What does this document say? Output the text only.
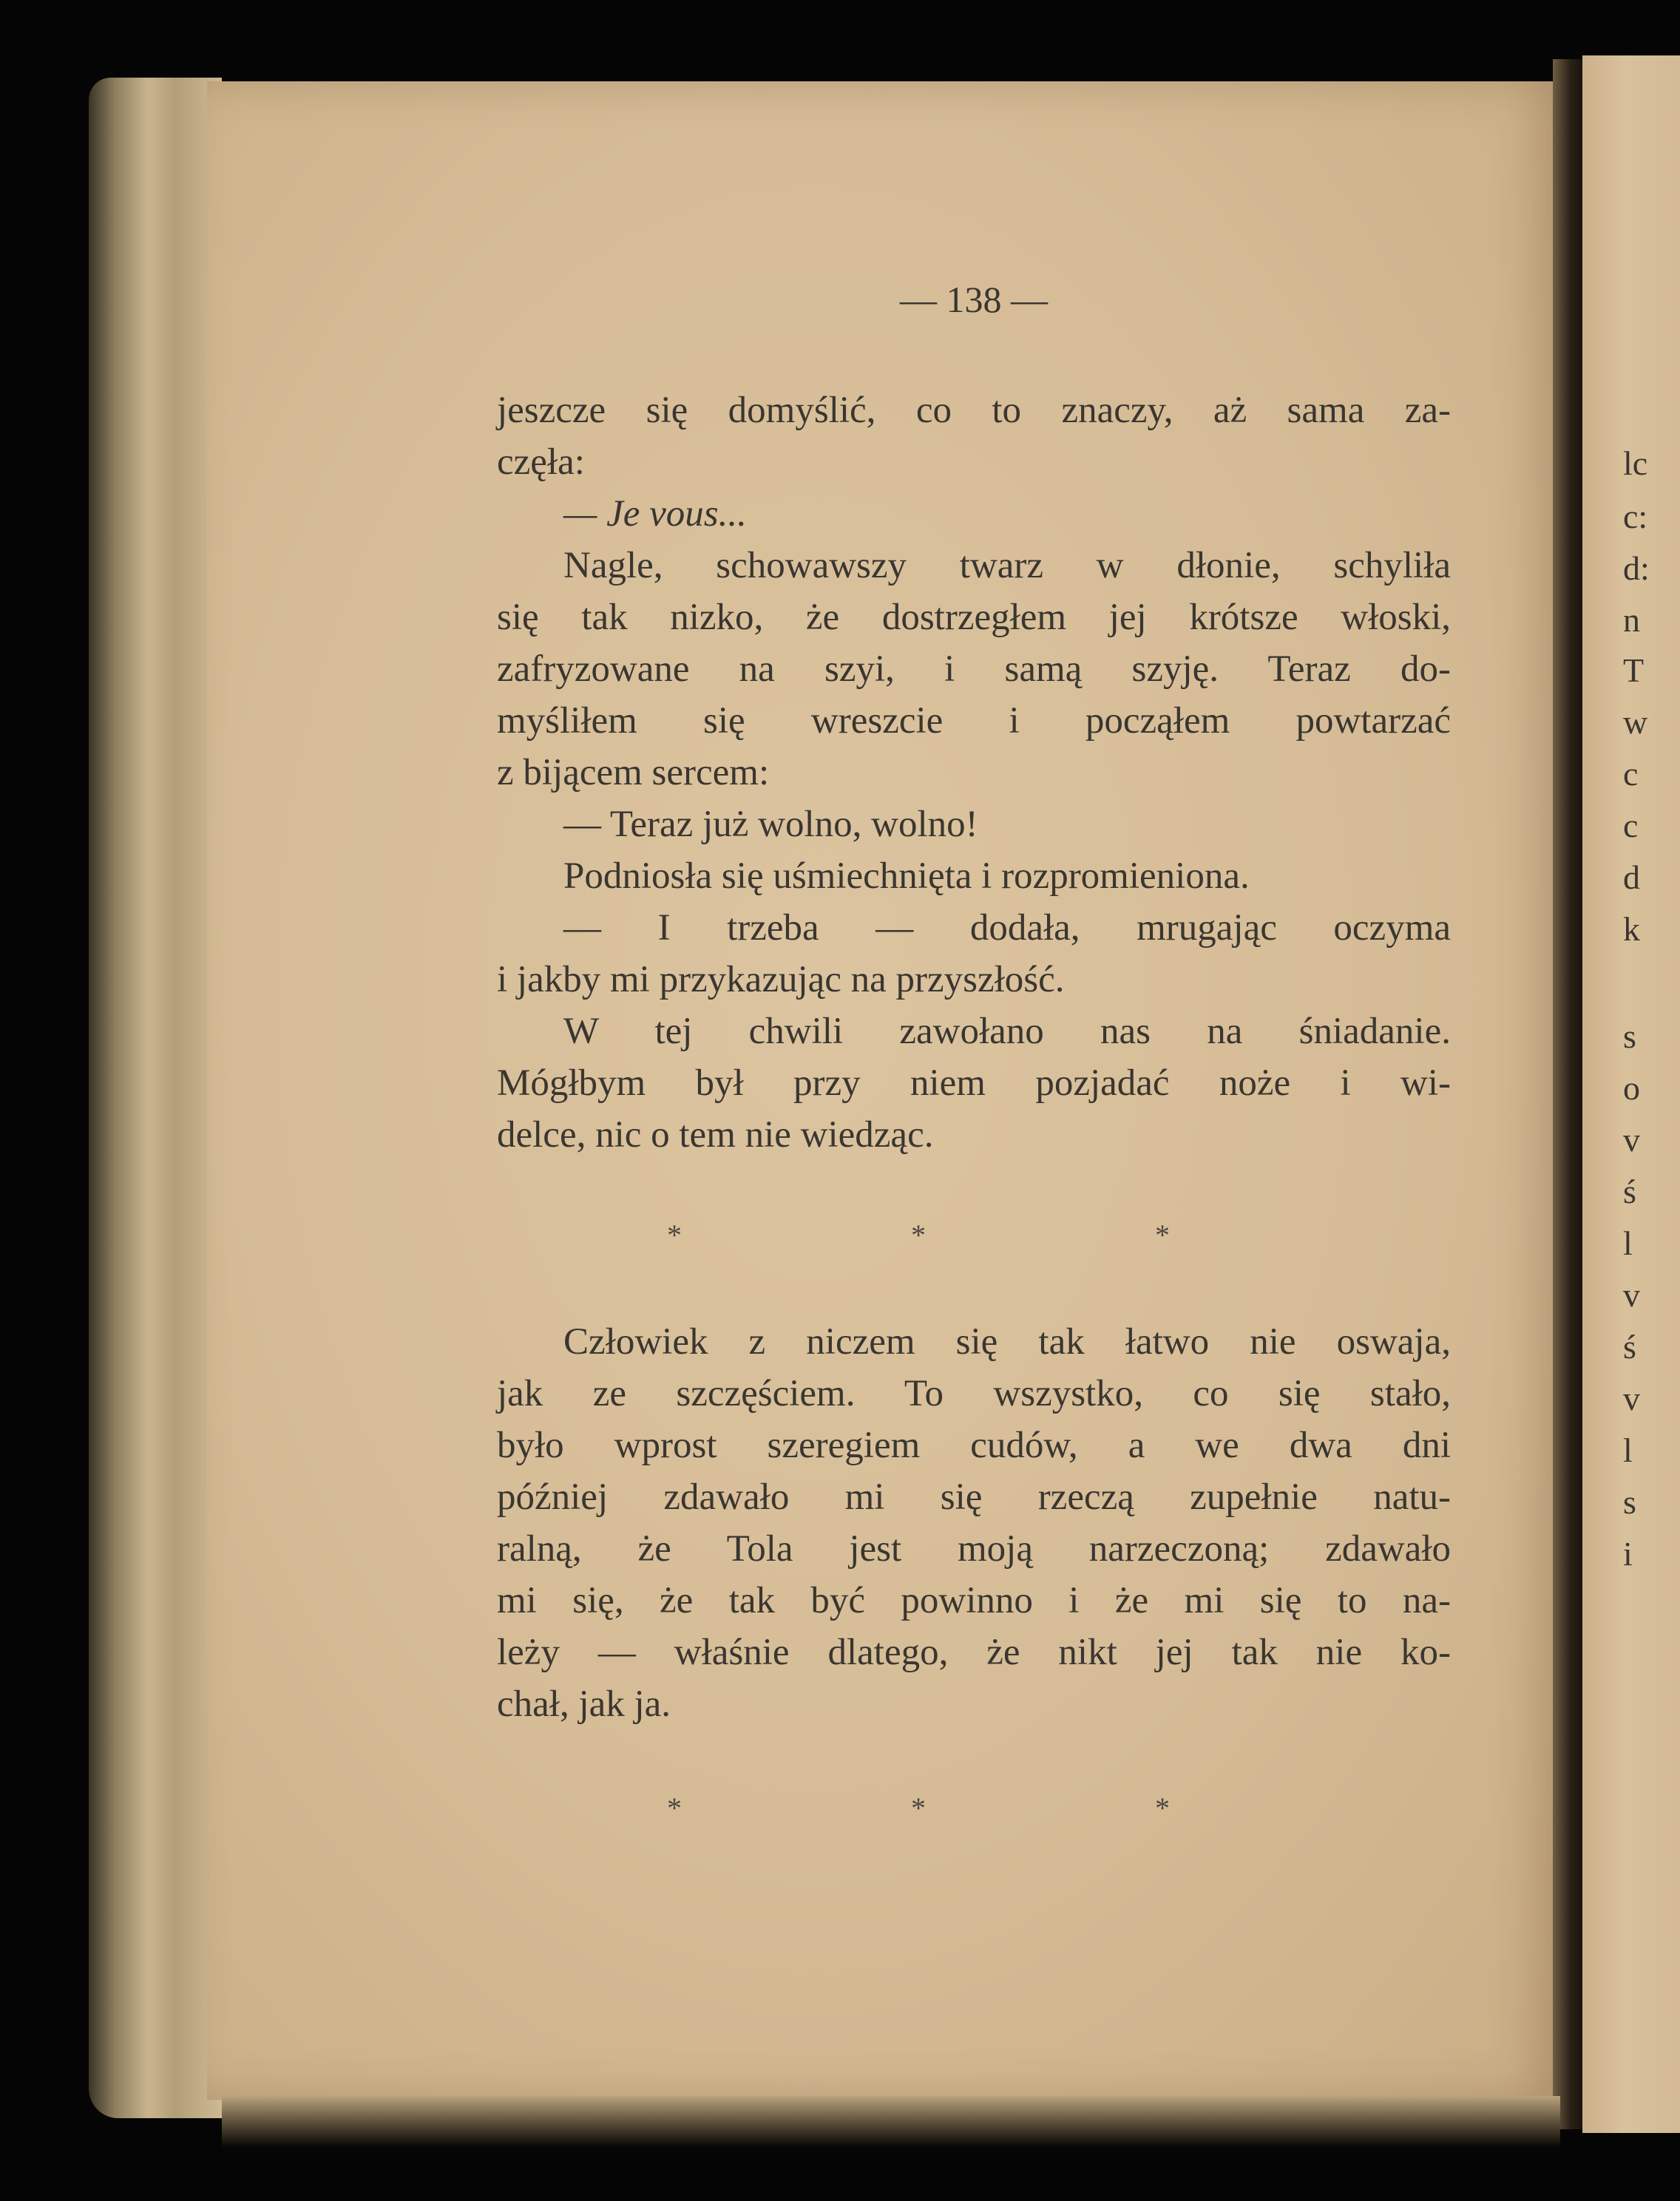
lc
c:
d:
n
T
w
c
c
d
k
s
o
v
ś
l
v
ś
v
l
s
i
— 138 —
jeszcze się domyślić, co to znaczy, aż sama za-
częła:
— Je vous...
Nagle, schowawszy twarz w dłonie, schyliła
się tak nizko, że dostrzegłem jej krótsze włoski,
zafryzowane na szyi, i samą szyję. Teraz do-
myśliłem się wreszcie i począłem powtarzać
z bijącem sercem:
— Teraz już wolno, wolno!
Podniosła się uśmiechnięta i rozpromieniona.
— I trzeba — dodała, mrugając oczyma
i jakby mi przykazując na przyszłość.
W tej chwili zawołano nas na śniadanie.
Mógłbym był przy niem pozjadać noże i wi-
delce, nic o tem nie wiedząc.
* * *
Człowiek z niczem się tak łatwo nie oswaja,
jak ze szczęściem. To wszystko, co się stało,
było wprost szeregiem cudów, a we dwa dni
później zdawało mi się rzeczą zupełnie natu-
ralną, że Tola jest moją narzeczoną; zdawało
mi się, że tak być powinno i że mi się to na-
leży — właśnie dlatego, że nikt jej tak nie ko-
chał, jak ja.
* * *
